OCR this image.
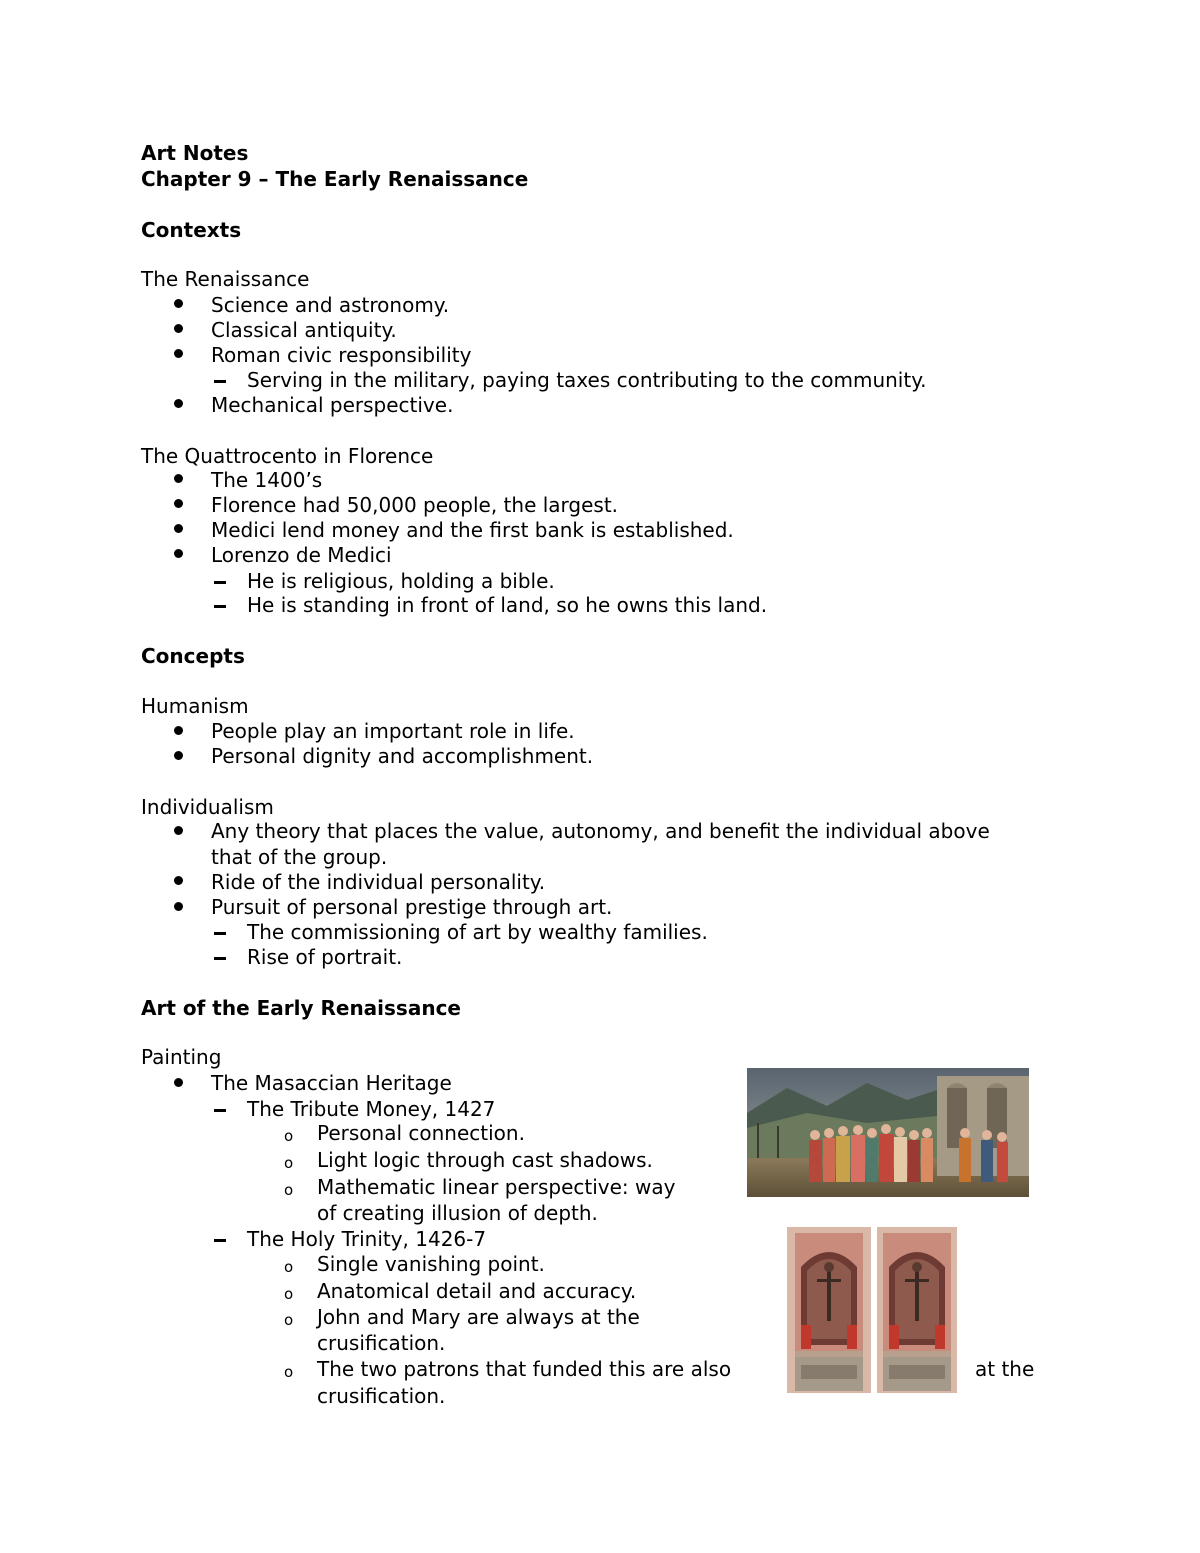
Art Notes
Chapter 9 – The Early Renaissance
Contexts
The Renaissance
Science and astronomy.
Classical antiquity.
Roman civic responsibility
Serving in the military, paying taxes contributing to the community.
Mechanical perspective.
The Quattrocento in Florence
The 1400’s
Florence had 50,000 people, the largest.
Medici lend money and the first bank is established.
Lorenzo de Medici
He is religious, holding a bible.
He is standing in front of land, so he owns this land.
Concepts
Humanism
People play an important role in life.
Personal dignity and accomplishment.
Individualism
Any theory that places the value, autonomy, and benefit the individual above
that of the group.
Ride of the individual personality.
Pursuit of personal prestige through art.
The commissioning of art by wealthy families.
Rise of portrait.
Art of the Early Renaissance
Painting
The Masaccian Heritage
The Tribute Money, 1427
o Personal connection.
o Light logic through cast shadows.
o Mathematic linear perspective: way
of creating illusion of depth.
The Holy Trinity, 1426-7
o Single vanishing point.
o Anatomical detail and accuracy.
o John and Mary are always at the
crusification.
o The two patrons that funded this are also	at the
crusification.
